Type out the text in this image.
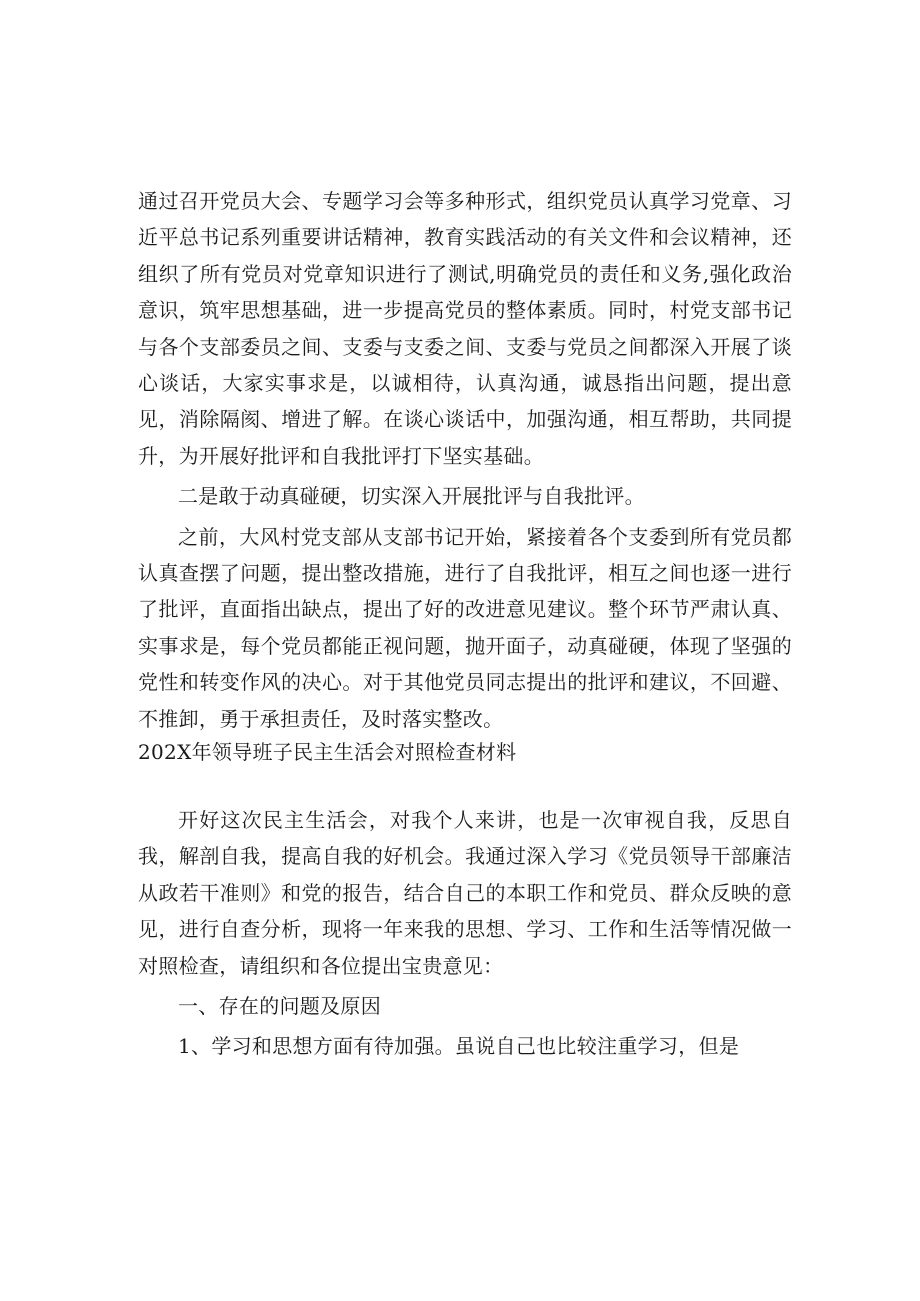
通过召开党员大会、专题学习会等多种形式，组织党员认真学习党章、习近平总书记系列重要讲话精神，教育实践活动的有关文件和会议精神，还组织了所有党员对党章知识进行了测试,明确党员的责任和义务,强化政治意识，筑牢思想基础，进一步提高党员的整体素质。同时，村党支部书记与各个支部委员之间、支委与支委之间、支委与党员之间都深入开展了谈心谈话，大家实事求是，以诚相待，认真沟通，诚恳指出问题，提出意见，消除隔阂、增进了解。在谈心谈话中，加强沟通，相互帮助，共同提升，为开展好批评和自我批评打下坚实基础。

二是敢于动真碰硬，切实深入开展批评与自我批评。

之前，大风村党支部从支部书记开始，紧接着各个支委到所有党员都认真查摆了问题，提出整改措施，进行了自我批评，相互之间也逐一进行了批评，直面指出缺点，提出了好的改进意见建议。整个环节严肃认真、实事求是，每个党员都能正视问题，抛开面子，动真碰硬，体现了坚强的党性和转变作风的决心。对于其他党员同志提出的批评和建议，不回避、不推卸，勇于承担责任，及时落实整改。

202X年领导班子民主生活会对照检查材料

开好这次民主生活会，对我个人来讲，也是一次审视自我，反思自我，解剖自我，提高自我的好机会。我通过深入学习《党员领导干部廉洁从政若干准则》和党的报告，结合自己的本职工作和党员、群众反映的意见，进行自查分析，现将一年来我的思想、学习、工作和生活等情况做一对照检查，请组织和各位提出宝贵意见：

一、存在的问题及原因

1、学习和思想方面有待加强。虽说自己也比较注重学习，但是
